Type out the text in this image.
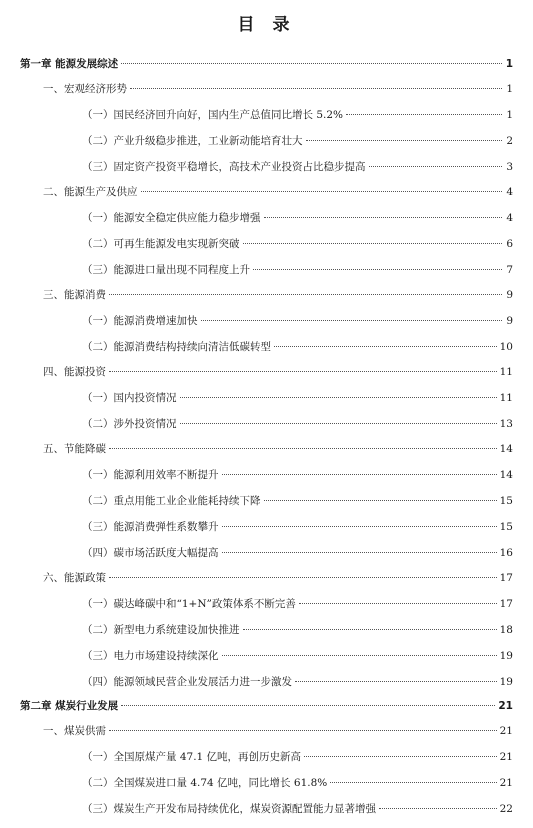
目 录
第一章 能源发展综述	1
一、宏观经济形势	1
（一）国民经济回升向好，国内生产总值同比增长 5.2%	1
（二）产业升级稳步推进，工业新动能培育壮大	2
（三）固定资产投资平稳增长，高技术产业投资占比稳步提高	3
二、能源生产及供应	4
（一）能源安全稳定供应能力稳步增强	4
（二）可再生能源发电实现新突破	6
（三）能源进口量出现不同程度上升	7
三、能源消费	9
（一）能源消费增速加快	9
（二）能源消费结构持续向清洁低碳转型	10
四、能源投资	11
（一）国内投资情况	11
（二）涉外投资情况	13
五、节能降碳	14
（一）能源利用效率不断提升	14
（二）重点用能工业企业能耗持续下降	15
（三）能源消费弹性系数攀升	15
（四）碳市场活跃度大幅提高	16
六、能源政策	17
（一）碳达峰碳中和“1+N”政策体系不断完善	17
（二）新型电力系统建设加快推进	18
（三）电力市场建设持续深化	19
（四）能源领域民营企业发展活力进一步激发	19
第二章 煤炭行业发展	21
一、煤炭供需	21
（一）全国原煤产量 47.1 亿吨，再创历史新高	21
（二）全国煤炭进口量 4.74 亿吨，同比增长 61.8%	21
（三）煤炭生产开发布局持续优化，煤炭资源配置能力显著增强	22
